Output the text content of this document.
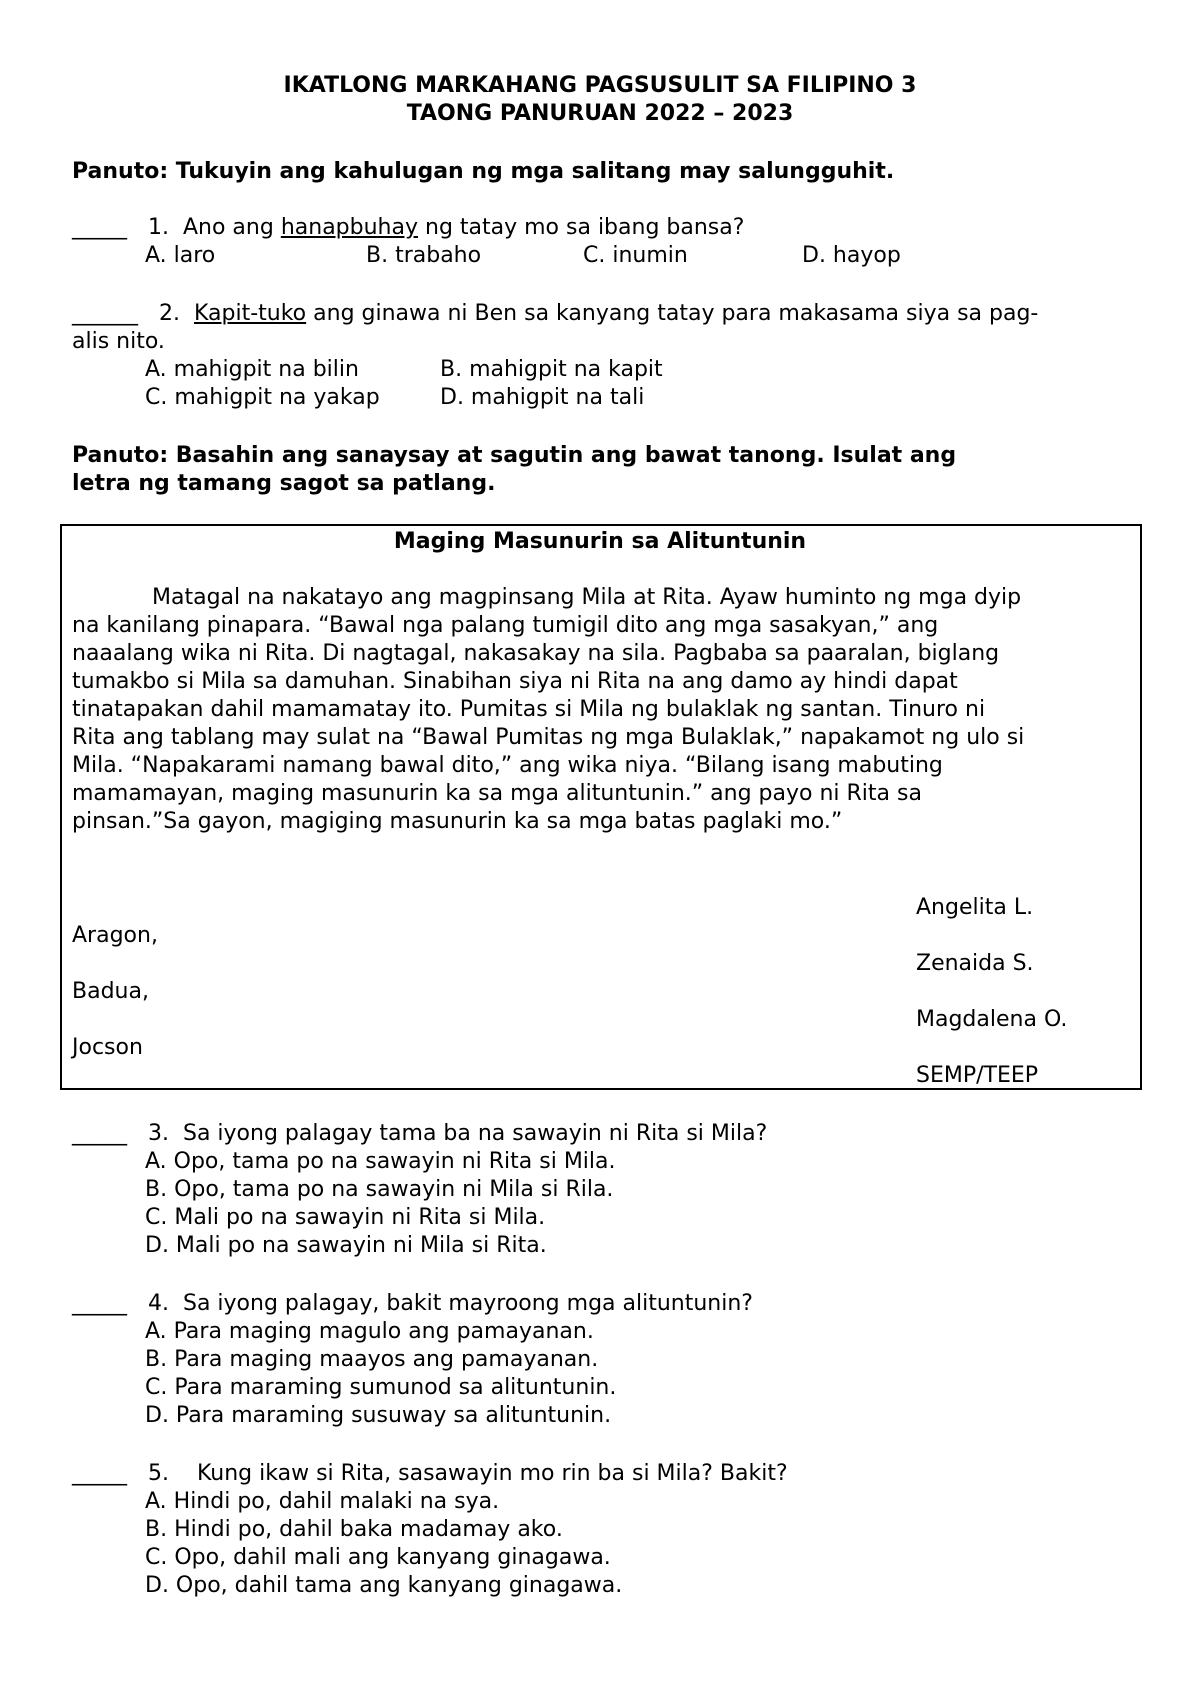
IKATLONG MARKAHANG PAGSUSULIT SA FILIPINO 3
TAONG PANURUAN 2022 – 2023
Panuto: Tukuyin ang kahulugan ng mga salitang may salungguhit.
_____ 1. Ano ang hanapbuhay ng tatay mo sa ibang bansa?
A. laro	B. trabaho	C. inumin	D. hayop
______ 2. Kapit-tuko ang ginawa ni Ben sa kanyang tatay para makasama siya sa pag-
alis nito.
A. mahigpit na bilin	B. mahigpit na kapit
C. mahigpit na yakap	D. mahigpit na tali
Panuto: Basahin ang sanaysay at sagutin ang bawat tanong. Isulat ang
letra ng tamang sagot sa patlang.
Maging Masunurin sa Alituntunin
Matagal na nakatayo ang magpinsang Mila at Rita. Ayaw huminto ng mga dyip
na kanilang pinapara. “Bawal nga palang tumigil dito ang mga sasakyan,” ang
naaalang wika ni Rita. Di nagtagal, nakasakay na sila. Pagbaba sa paaralan, biglang
tumakbo si Mila sa damuhan. Sinabihan siya ni Rita na ang damo ay hindi dapat
tinatapakan dahil mamamatay ito. Pumitas si Mila ng bulaklak ng santan. Tinuro ni
Rita ang tablang may sulat na “Bawal Pumitas ng mga Bulaklak,” napakamot ng ulo si
Mila. “Napakarami namang bawal dito,” ang wika niya. “Bilang isang mabuting
mamamayan, maging masunurin ka sa mga alituntunin.” ang payo ni Rita sa
pinsan.”Sa gayon, magiging masunurin ka sa mga batas paglaki mo.”
Angelita L.
Aragon,
Zenaida S.
Badua,
Magdalena O.
Jocson
SEMP/TEEP
_____ 3. Sa iyong palagay tama ba na sawayin ni Rita si Mila?
A. Opo, tama po na sawayin ni Rita si Mila.
B. Opo, tama po na sawayin ni Mila si Rila.
C. Mali po na sawayin ni Rita si Mila.
D. Mali po na sawayin ni Mila si Rita.
_____ 4. Sa iyong palagay, bakit mayroong mga alituntunin?
A. Para maging magulo ang pamayanan.
B. Para maging maayos ang pamayanan.
C. Para maraming sumunod sa alituntunin.
D. Para maraming susuway sa alituntunin.
_____ 5. Kung ikaw si Rita, sasawayin mo rin ba si Mila? Bakit?
A. Hindi po, dahil malaki na sya.
B. Hindi po, dahil baka madamay ako.
C. Opo, dahil mali ang kanyang ginagawa.
D. Opo, dahil tama ang kanyang ginagawa.
